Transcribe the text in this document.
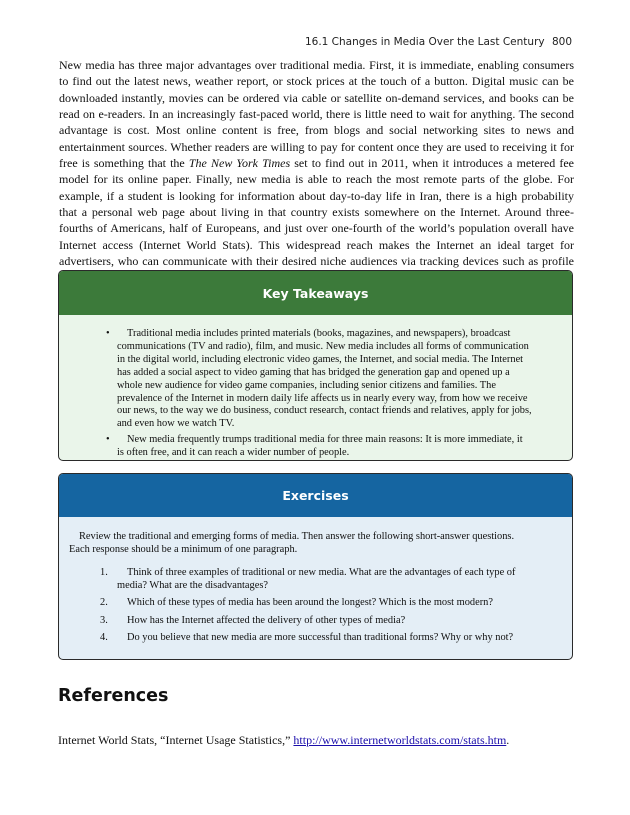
16.1 Changes in Media Over the Last Century 800

New media has three major advantages over traditional media. First, it is immediate, enabling consumers to find out the latest news, weather report, or stock prices at the touch of a button. Digital music can be downloaded instantly, movies can be ordered via cable or satellite on-demand services, and books can be read on e-readers. In an increasingly fast-paced world, there is little need to wait for anything. The second advantage is cost. Most online content is free, from blogs and social networking sites to news and entertainment sources. Whether readers are willing to pay for content once they are used to receiving it for free is something that the The New York Times set to find out in 2011, when it introduces a metered fee model for its online paper. Finally, new media is able to reach the most remote parts of the globe. For example, if a student is looking for information about day-to-day life in Iran, there is a high probability that a personal web page about living in that country exists somewhere on the Internet. Around three-fourths of Americans, half of Europeans, and just over one-fourth of the world’s population overall have Internet access (Internet World Stats). This widespread reach makes the Internet an ideal target for advertisers, who can communicate with their desired niche audiences via tracking devices such as profile

Key Takeaways
•	Traditional media includes printed materials (books, magazines, and newspapers), broadcast communications (TV and radio), film, and music. New media includes all forms of communication in the digital world, including electronic video games, the Internet, and social media. The Internet has added a social aspect to video gaming that has bridged the generation gap and opened up a whole new audience for video game companies, including senior citizens and families. The prevalence of the Internet in modern daily life affects us in nearly every way, from how we receive our news, to the way we do business, conduct research, contact friends and relatives, apply for jobs, and even how we watch TV.
•	New media frequently trumps traditional media for three main reasons: It is more immediate, it is often free, and it can reach a wider number of people.
Exercises

Review the traditional and emerging forms of media. Then answer the following short-answer questions. Each response should be a minimum of one paragraph.

1.	Think of three examples of traditional or new media. What are the advantages of each type of media? What are the disadvantages?
2.	Which of these types of media has been around the longest? Which is the most modern?
3.	How has the Internet affected the delivery of other types of media?
4.	Do you believe that new media are more successful than traditional forms? Why or why not?
References

Internet World Stats, “Internet Usage Statistics,” http://www.internetworldstats.com/stats.htm.
